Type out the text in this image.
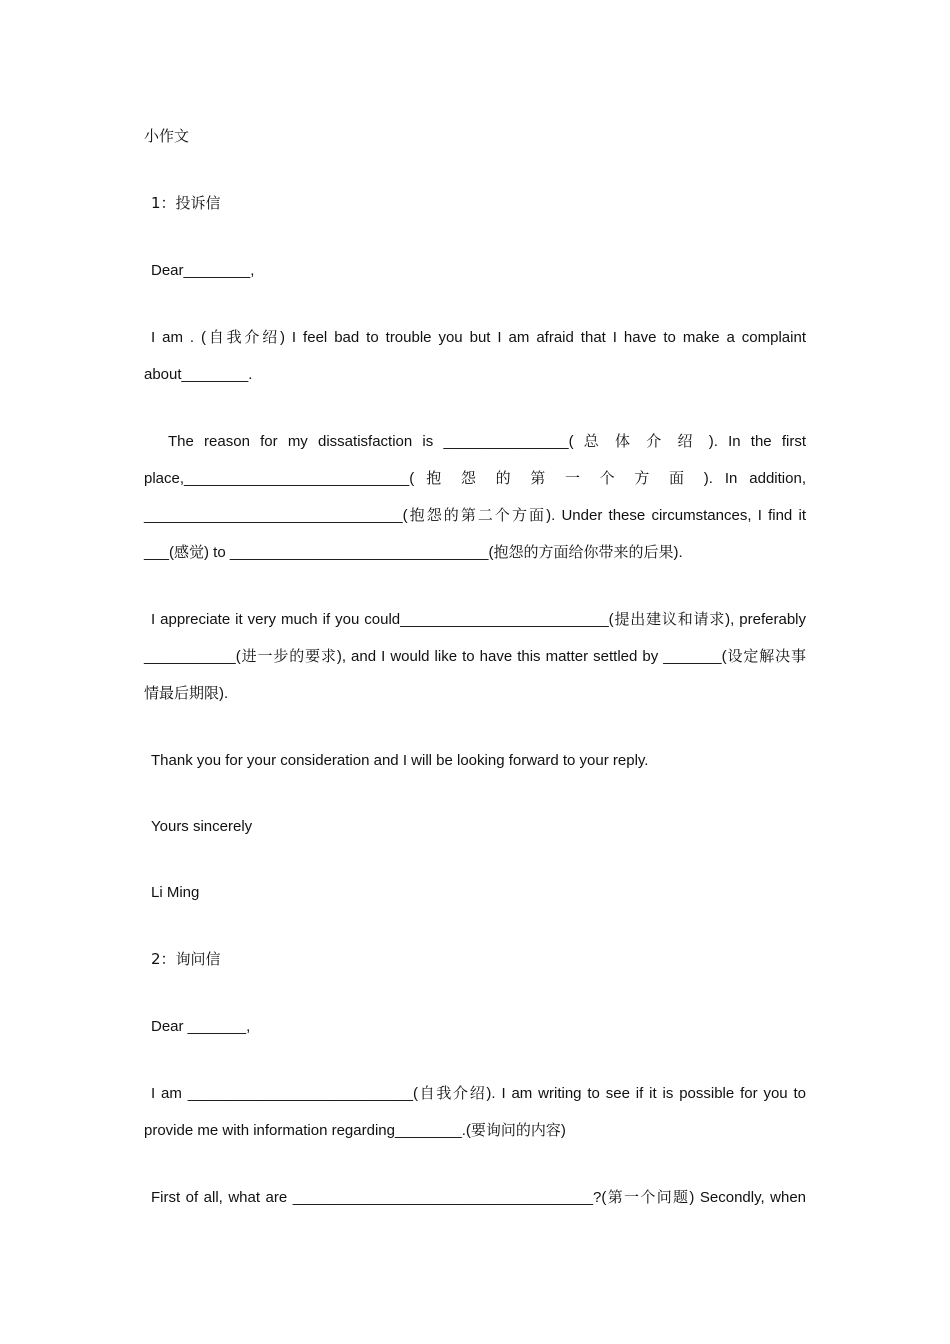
小作文
1：投诉信
Dear________,
I am . (自我介绍) I feel bad to trouble you but I am afraid that I have to make a complaint
about________.
The reason for my dissatisfaction is _______________( 总 体 介 绍 ). In the first
place,___________________________( 抱 怨 的 第 一 个 方 面 ). In addition,
_______________________________(抱怨的第二个方面). Under these circumstances, I find it
___(感觉) to _______________________________(抱怨的方面给你带来的后果).
I appreciate it very much if you could_________________________(提出建议和请求), preferably
___________(进一步的要求), and I would like to have this matter settled by _______(设定解决事
情最后期限).
Thank you for your consideration and I will be looking forward to your reply.
Yours sincerely
Li Ming
2：询问信
Dear _______,
I am ___________________________(自我介绍). I am writing to see if it is possible for you to
provide me with information regarding________.(要询问的内容)
First of all, what are ____________________________________?(第一个问题) Secondly, when
